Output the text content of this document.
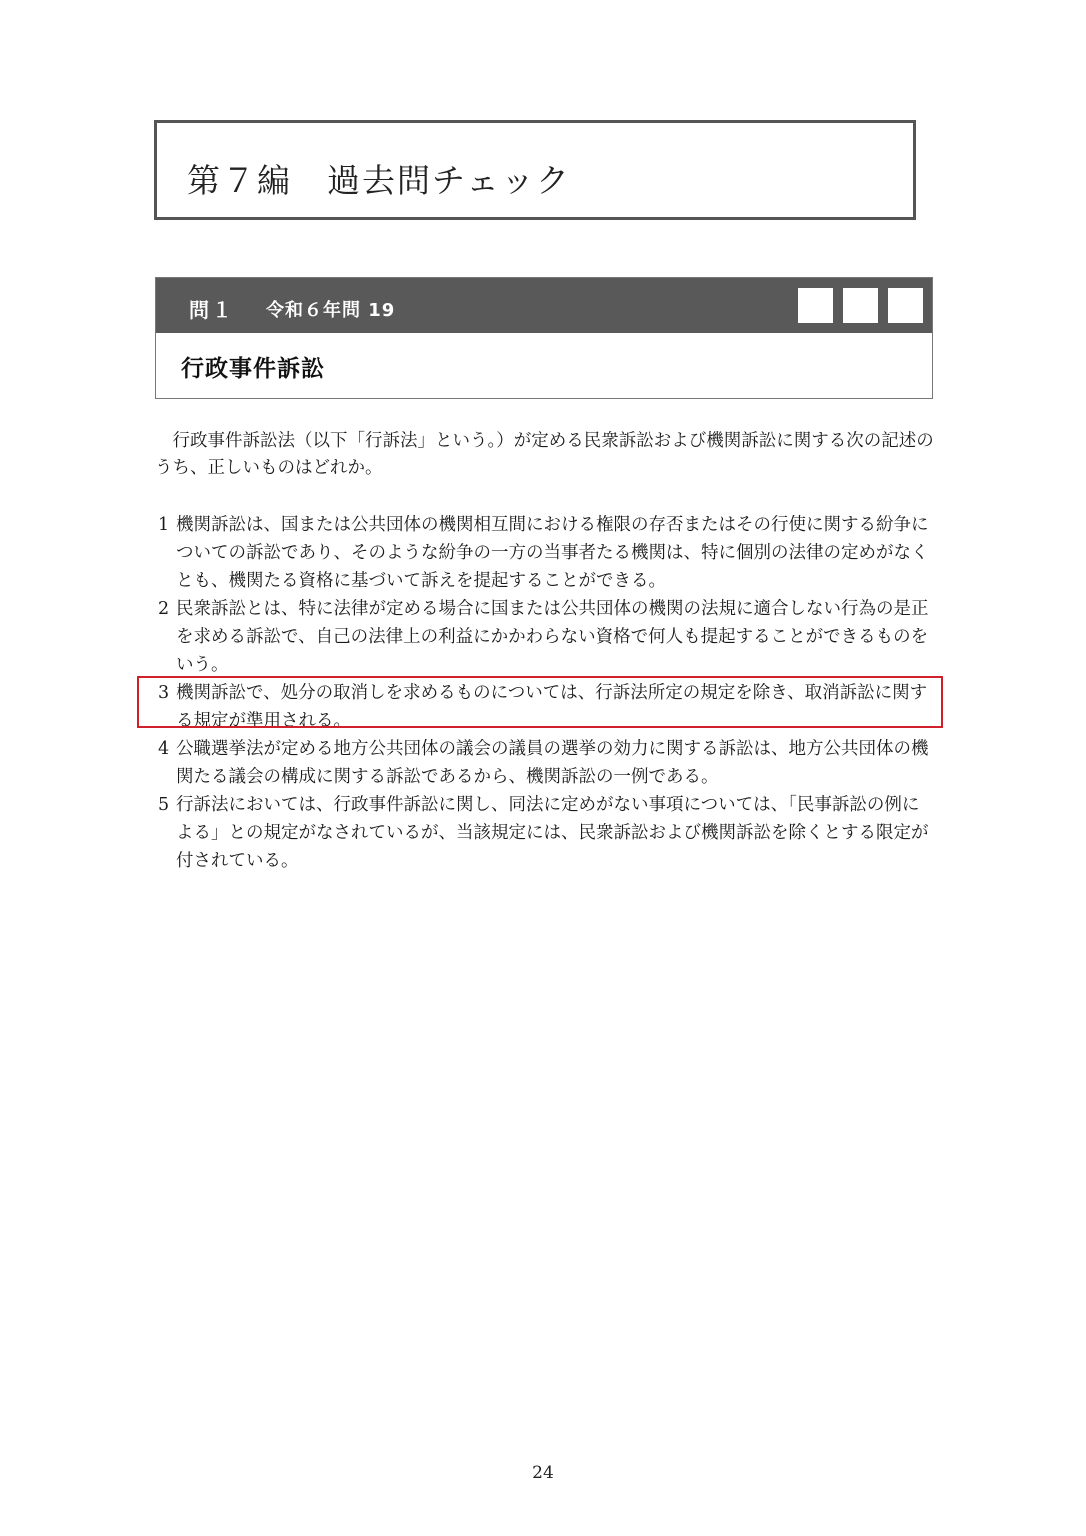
第７編　過去問チェック
問１ 令和６年問 19
行政事件訴訟

行政事件訴訟法（以下「行訴法」という。）が定める民衆訴訟および機関訴訟に関する次の記述のうち、正しいものはどれか。

1 機関訴訟は、国または公共団体の機関相互間における権限の存否またはその行使に関する紛争についての訴訟であり、そのような紛争の一方の当事者たる機関は、特に個別の法律の定めがなくとも、機関たる資格に基づいて訴えを提起することができる。
2 民衆訴訟とは、特に法律が定める場合に国または公共団体の機関の法規に適合しない行為の是正を求める訴訟で、自己の法律上の利益にかかわらない資格で何人も提起することができるものをいう。
3 機関訴訟で、処分の取消しを求めるものについては、行訴法所定の規定を除き、取消訴訟に関する規定が準用される。
4 公職選挙法が定める地方公共団体の議会の議員の選挙の効力に関する訴訟は、地方公共団体の機関たる議会の構成に関する訴訟であるから、機関訴訟の一例である。
5 行訴法においては、行政事件訴訟に関し、同法に定めがない事項については、「民事訴訟の例による」との規定がなされているが、当該規定には、民衆訴訟および機関訴訟を除くとする限定が付されている。
24
